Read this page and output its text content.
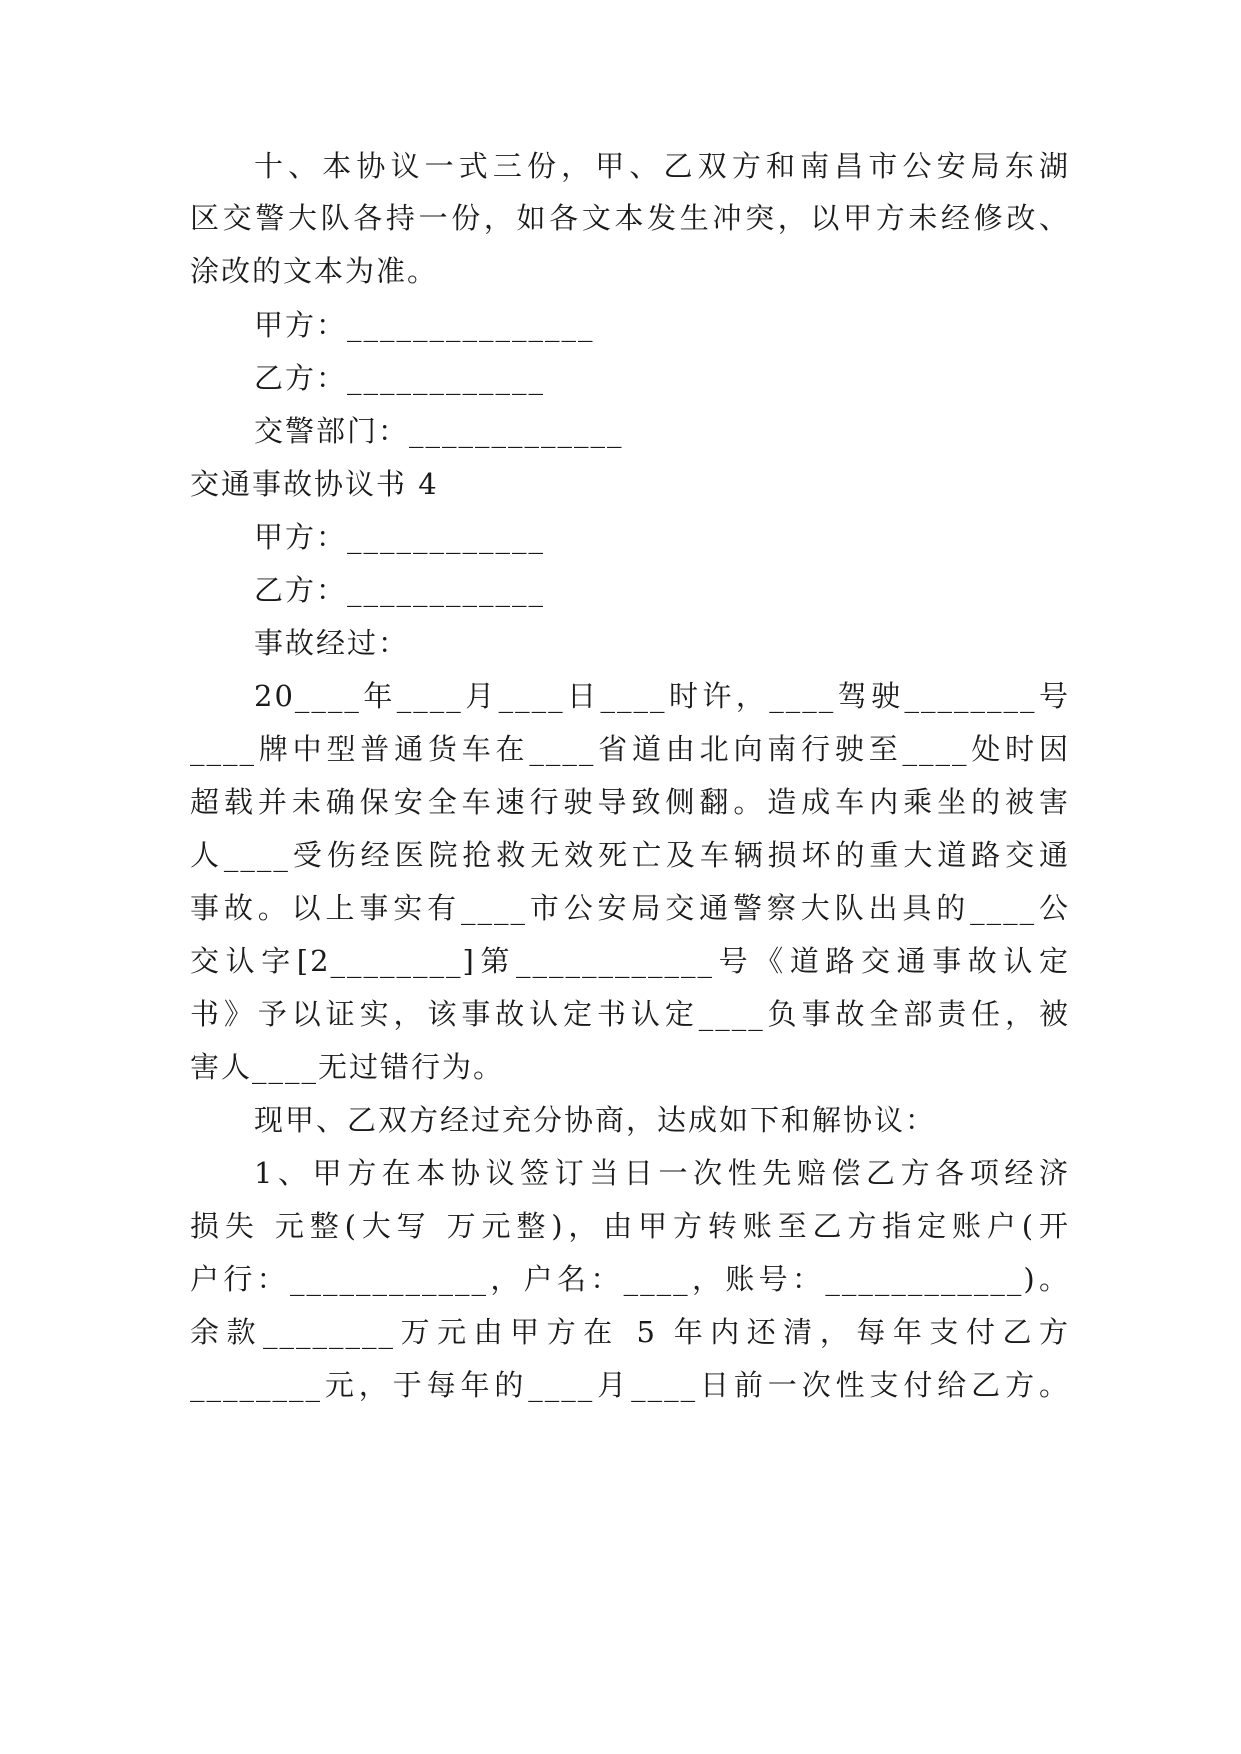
十、本协议一式三份，甲、乙双方和南昌市公安局东湖
区交警大队各持一份，如各文本发生冲突，以甲方未经修改、
涂改的文本为准。
甲方：_______________
乙方：____________
交警部门：_____________
交通事故协议书 4
甲方：____________
乙方：____________
事故经过：
20____年____月____日____时许，____驾驶________号
____牌中型普通货车在____省道由北向南行驶至____处时因
超载并未确保安全车速行驶导致侧翻。造成车内乘坐的被害
人____受伤经医院抢救无效死亡及车辆损坏的重大道路交通
事故。以上事实有____市公安局交通警察大队出具的____公
交认字[2________]第____________号《道路交通事故认定
书》予以证实，该事故认定书认定____负事故全部责任，被
害人____无过错行为。
现甲、乙双方经过充分协商，达成如下和解协议：
1、甲方在本协议签订当日一次性先赔偿乙方各项经济
损失 元整(大写 万元整)，由甲方转账至乙方指定账户(开
户行：____________，户名：____，账号：____________)。
余款________万元由甲方在 5 年内还清，每年支付乙方
________元，于每年的____月____日前一次性支付给乙方。
